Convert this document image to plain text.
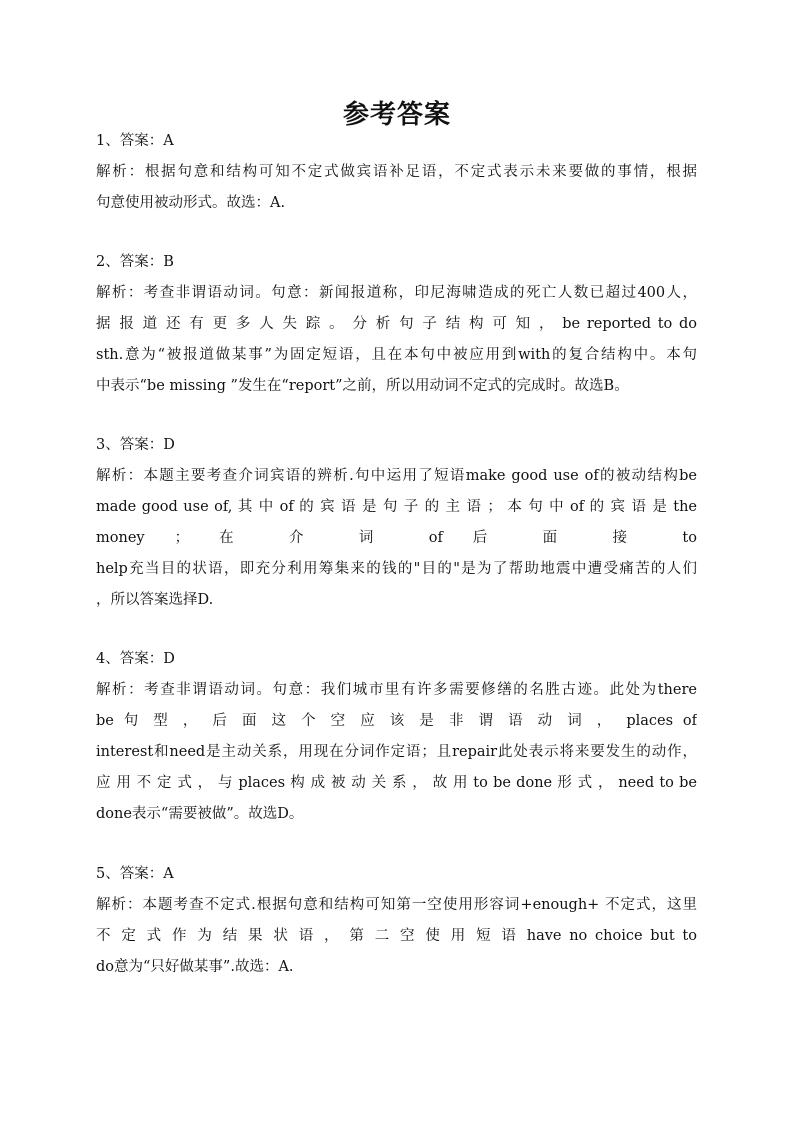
参考答案
1、答案：A
解析：根据句意和结构可知不定式做宾语补足语，不定式表示未来要做的事情，根据
句意使用被动形式。故选：A.
2、答案：B
解析：考查非谓语动词。句意：新闻报道称，印尼海啸造成的死亡人数已超过400人，
据 报 道 还 有 更 多 人 失 踪 。 分 析 句 子 结 构 可 知 ， be reported to do
sth.意为“被报道做某事”为固定短语，且在本句中被应用到with的复合结构中。本句
中表示“be missing ”发生在“report”之前，所以用动词不定式的完成时。故选B。
3、答案：D
解析：本题主要考查介词宾语的辨析.句中运用了短语make good use of的被动结构be
made good use of, 其 中 of 的 宾 语 是 句 子 的 主 语 ； 本 句 中 of 的 宾 语 是 the
money ； 在 介 词 of 后 面 接 to
help充当目的状语，即充分利用筹集来的钱的"目的"是为了帮助地震中遭受痛苦的人们
，所以答案选择D.
4、答案：D
解析：考查非谓语动词。句意：我们城市里有许多需要修缮的名胜古迹。此处为there
be 句 型 ， 后 面 这 个 空 应 该 是 非 谓 语 动 词 ， places of
interest和need是主动关系，用现在分词作定语；且repair此处表示将来要发生的动作，
应 用 不 定 式 ， 与 places 构 成 被 动 关 系 ， 故 用 to be done 形 式 ， need to be
done表示“需要被做”。故选D。
5、答案：A
解析：本题考查不定式.根据句意和结构可知第一空使用形容词+enough+ 不定式，这里
不 定 式 作 为 结 果 状 语 ， 第 二 空 使 用 短 语 have no choice but to
do意为“只好做某事”.故选：A.
